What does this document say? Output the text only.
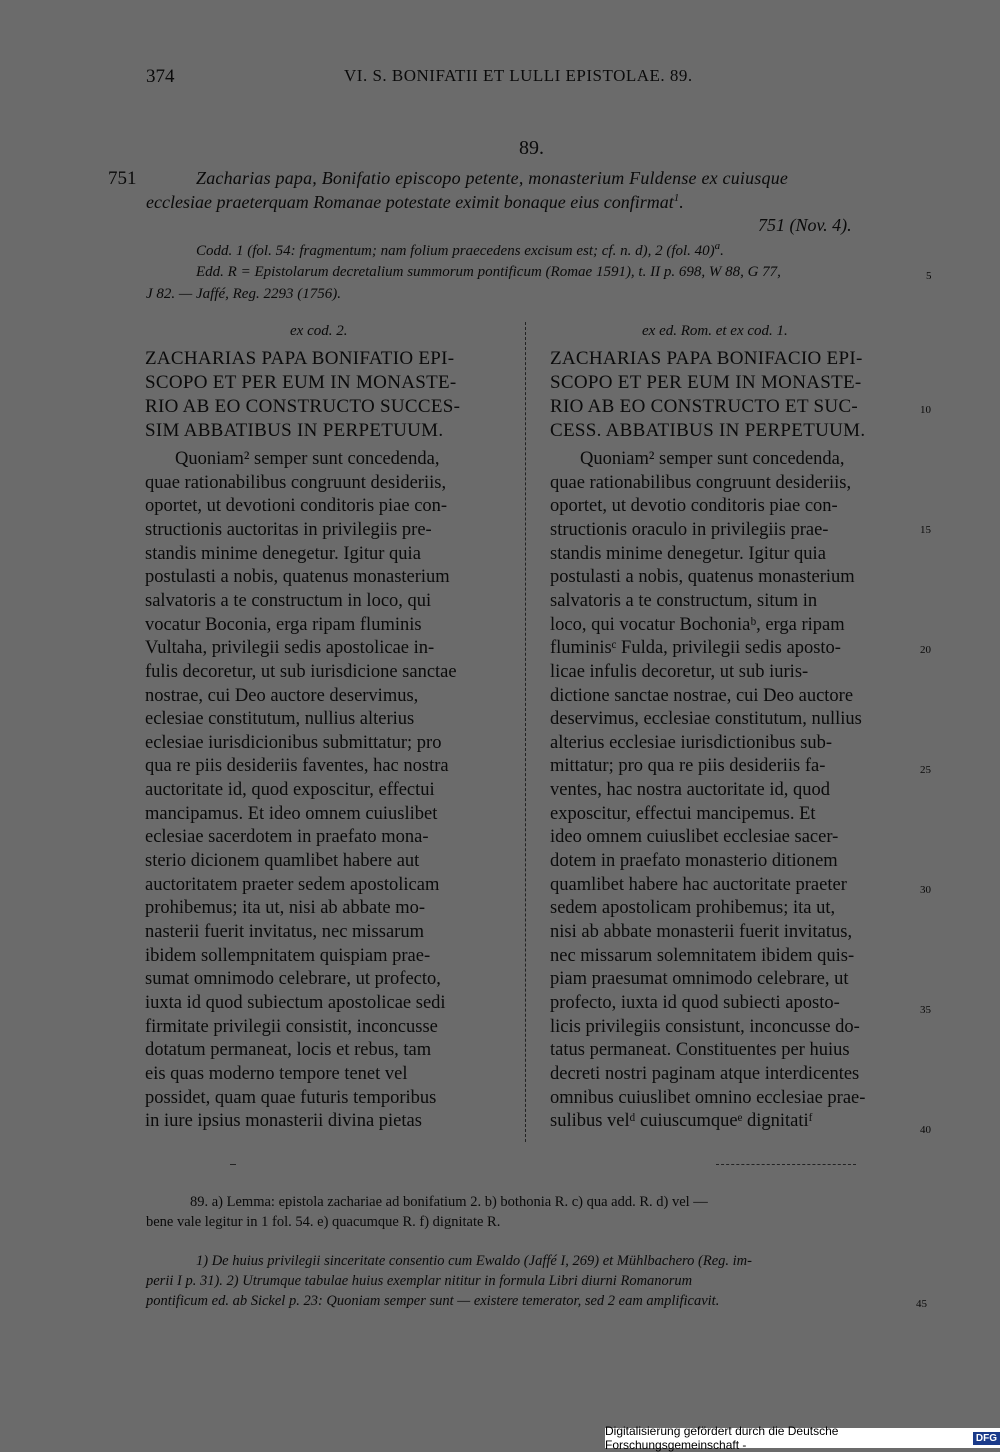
374	VI. S. BONIFATII ET LULLI EPISTOLAE. 89.
89.
751	Zacharias papa, Bonifatio episcopo petente, monasterium Fuldense ex cuiusque
ecclesiae praeterquam Romanae potestate eximit bonaque eius confirmat$^1$.
751 (Nov. 4).
Codd. 1 (fol. 54: fragmentum; nam folium praecedens excisum est; cf. n. d), 2 (fol. 40)$^a$.
Edd. R = Epistolarum decretalium summorum pontificum (Romae 1591), t. II p. 698, W 88, G 77,
J 82. — Jaffé, Reg. 2293 (1756).
5
10
15
20
25
30
35
40
45
ex cod. 2.
ZACHARIAS PAPA BONIFATIO EPI-
SCOPO ET PER EUM IN MONASTE-
RIO AB EO CONSTRUCTO SUCCES-
SIM ABBATIBUS IN PERPETUUM.
Quoniam² semper sunt concedenda,
quae rationabilibus congruunt desideriis,
oportet, ut devotioni conditoris piae con-
structionis auctoritas in privilegiis pre-
standis minime denegetur. Igitur quia
postulasti a nobis, quatenus monasterium
salvatoris a te constructum in loco, qui
vocatur Boconia, erga ripam fluminis
Vultaha, privilegii sedis apostolicae in-
fulis decoretur, ut sub iurisdicione sanctae
nostrae, cui Deo auctore deservimus,
eclesiae constitutum, nullius alterius
eclesiae iurisdicionibus submittatur; pro
qua re piis desideriis faventes, hac nostra
auctoritate id, quod exposcitur, effectui
mancipamus. Et ideo omnem cuiuslibet
eclesiae sacerdotem in praefato mona-
sterio dicionem quamlibet habere aut
auctoritatem praeter sedem apostolicam
prohibemus; ita ut, nisi ab abbate mo-
nasterii fuerit invitatus, nec missarum
ibidem sollempnitatem quispiam prae-
sumat omnimodo celebrare, ut profecto,
iuxta id quod subiectum apostolicae sedi
firmitate privilegii consistit, inconcusse
dotatum permaneat, locis et rebus, tam
eis quas moderno tempore tenet vel
possidet, quam quae futuris temporibus
in iure ipsius monasterii divina pietas
ex ed. Rom. et ex cod. 1.
ZACHARIAS PAPA BONIFACIO EPI-
SCOPO ET PER EUM IN MONASTE-
RIO AB EO CONSTRUCTO ET SUC-
CESS. ABBATIBUS IN PERPETUUM.
Quoniam² semper sunt concedenda,
quae rationabilibus congruunt desideriis,
oportet, ut devotio conditoris piae con-
structionis oraculo in privilegiis prae-
standis minime denegetur. Igitur quia
postulasti a nobis, quatenus monasterium
salvatoris a te constructum, situm in
loco, qui vocatur Bochoniaᵇ, erga ripam
fluminisᶜ Fulda, privilegii sedis aposto-
licae infulis decoretur, ut sub iuris-
dictione sanctae nostrae, cui Deo auctore
deservimus, ecclesiae constitutum, nullius
alterius ecclesiae iurisdictionibus sub-
mittatur; pro qua re piis desideriis fa-
ventes, hac nostra auctoritate id, quod
exposcitur, effectui mancipemus. Et
ideo omnem cuiuslibet ecclesiae sacer-
dotem in praefato monasterio ditionem
quamlibet habere hac auctoritate praeter
sedem apostolicam prohibemus; ita ut,
nisi ab abbate monasterii fuerit invitatus,
nec missarum solemnitatem ibidem quis-
piam praesumat omnimodo celebrare, ut
profecto, iuxta id quod subiecti aposto-
licis privilegiis consistunt, inconcusse do-
tatus permaneat. Constituentes per huius
decreti nostri paginam atque interdicentes
omnibus cuiuslibet omnino ecclesiae prae-
sulibus velᵈ cuiuscumqueᵉ dignitatiᶠ
89. a) Lemma: epistola zachariae ad bonifatium 2. b) bothonia R. c) qua add. R. d) vel —
bene vale legitur in 1 fol. 54. e) quacumque R. f) dignitate R.
1) De huius privilegii sinceritate consentio cum Ewaldo (Jaffé I, 269) et Mühlbachero (Reg. im-
perii I p. 31). 2) Utrumque tabulae huius exemplar nititur in formula Libri diurni Romanorum
pontificum ed. ab Sickel p. 23: Quoniam semper sunt — existere temerator, sed 2 eam amplificavit.
Digitalisierung gefördert durch die Deutsche Forschungsgemeinschaft -	DFG
